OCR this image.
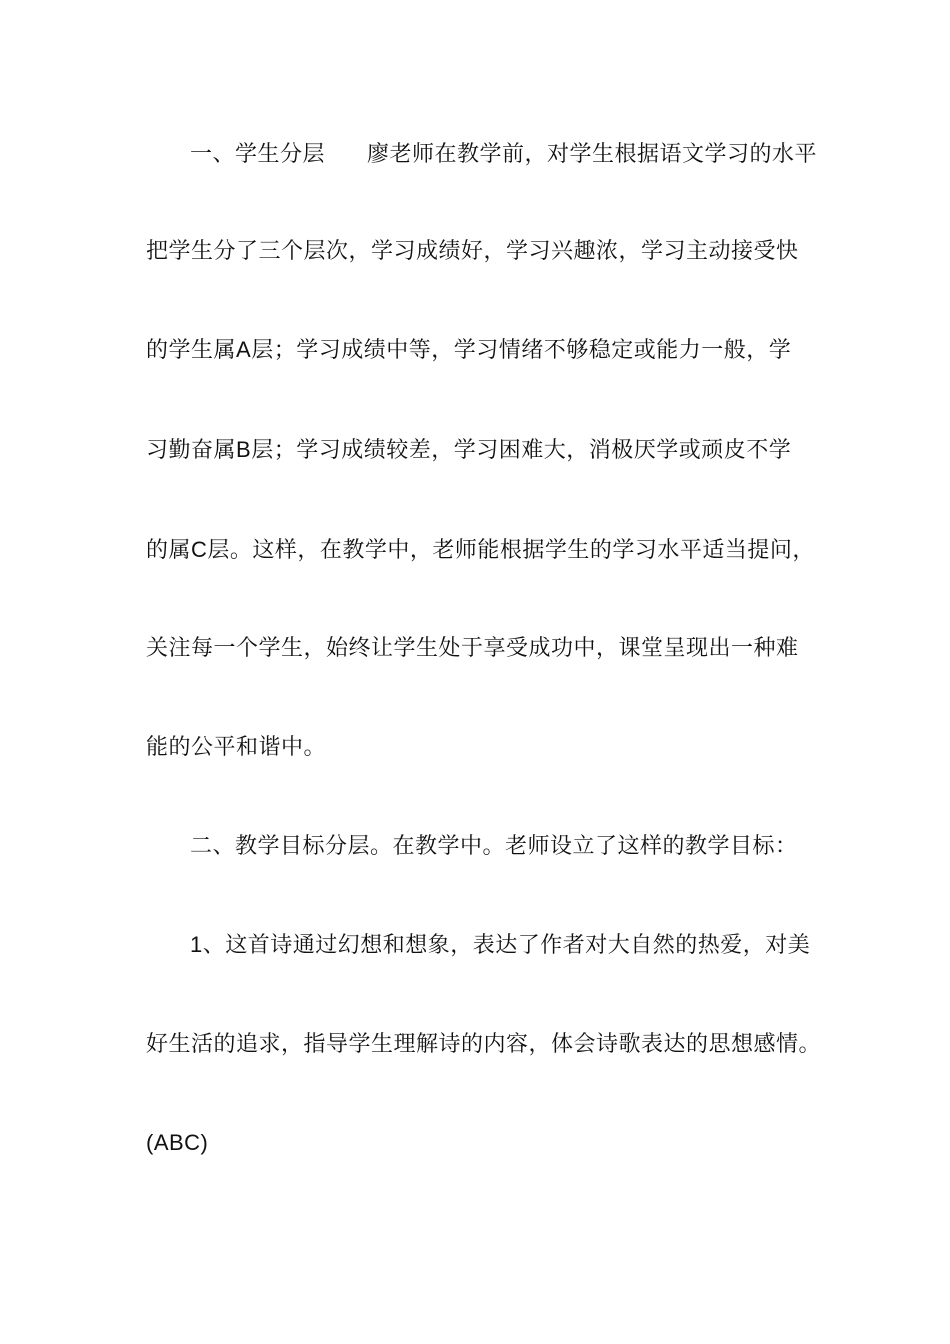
一、学生分层 廖老师在教学前，对学生根据语文学习的水平
把学生分了三个层次，学习成绩好，学习兴趣浓，学习主动接受快
的学生属A层；学习成绩中等，学习情绪不够稳定或能力一般，学
习勤奋属B层；学习成绩较差，学习困难大，消极厌学或顽皮不学
的属C层。这样，在教学中，老师能根据学生的学习水平适当提问，
关注每一个学生，始终让学生处于享受成功中，课堂呈现出一种难
能的公平和谐中。
二、教学目标分层。在教学中。老师设立了这样的教学目标：
1、这首诗通过幻想和想象，表达了作者对大自然的热爱，对美
好生活的追求，指导学生理解诗的内容，体会诗歌表达的思想感情。
(ABC)
